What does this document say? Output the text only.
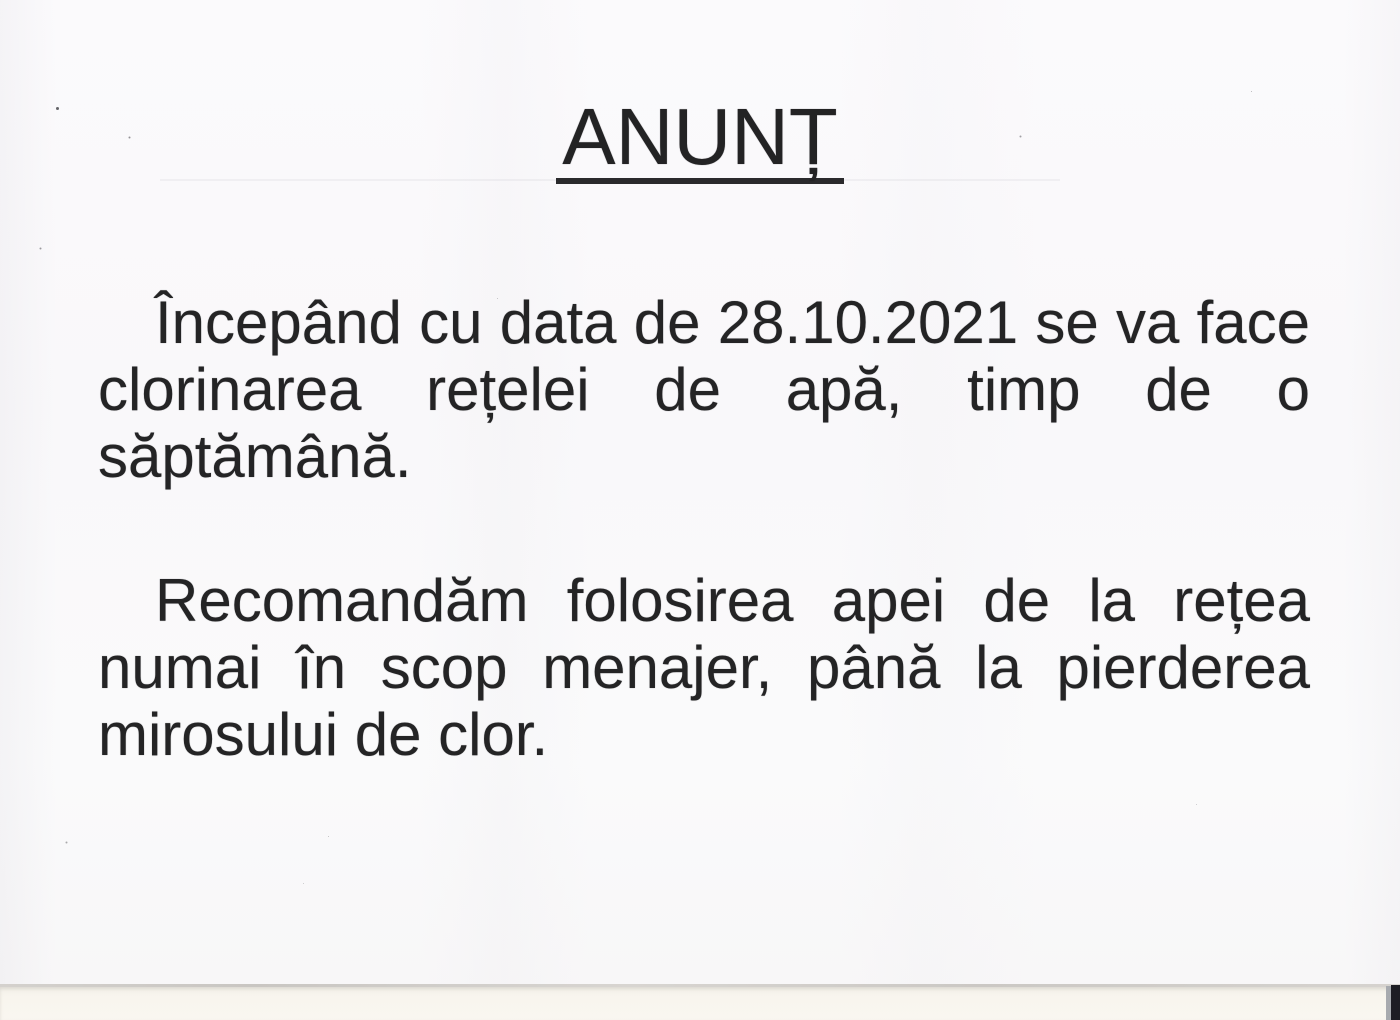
ANUNȚ
Începând cu data de 28.10.2021 se va face
clorinarea rețelei de apă, timp de o
săptămână.
Recomandăm folosirea apei de la rețea
numai în scop menajer, până la pierderea
mirosului de clor.
